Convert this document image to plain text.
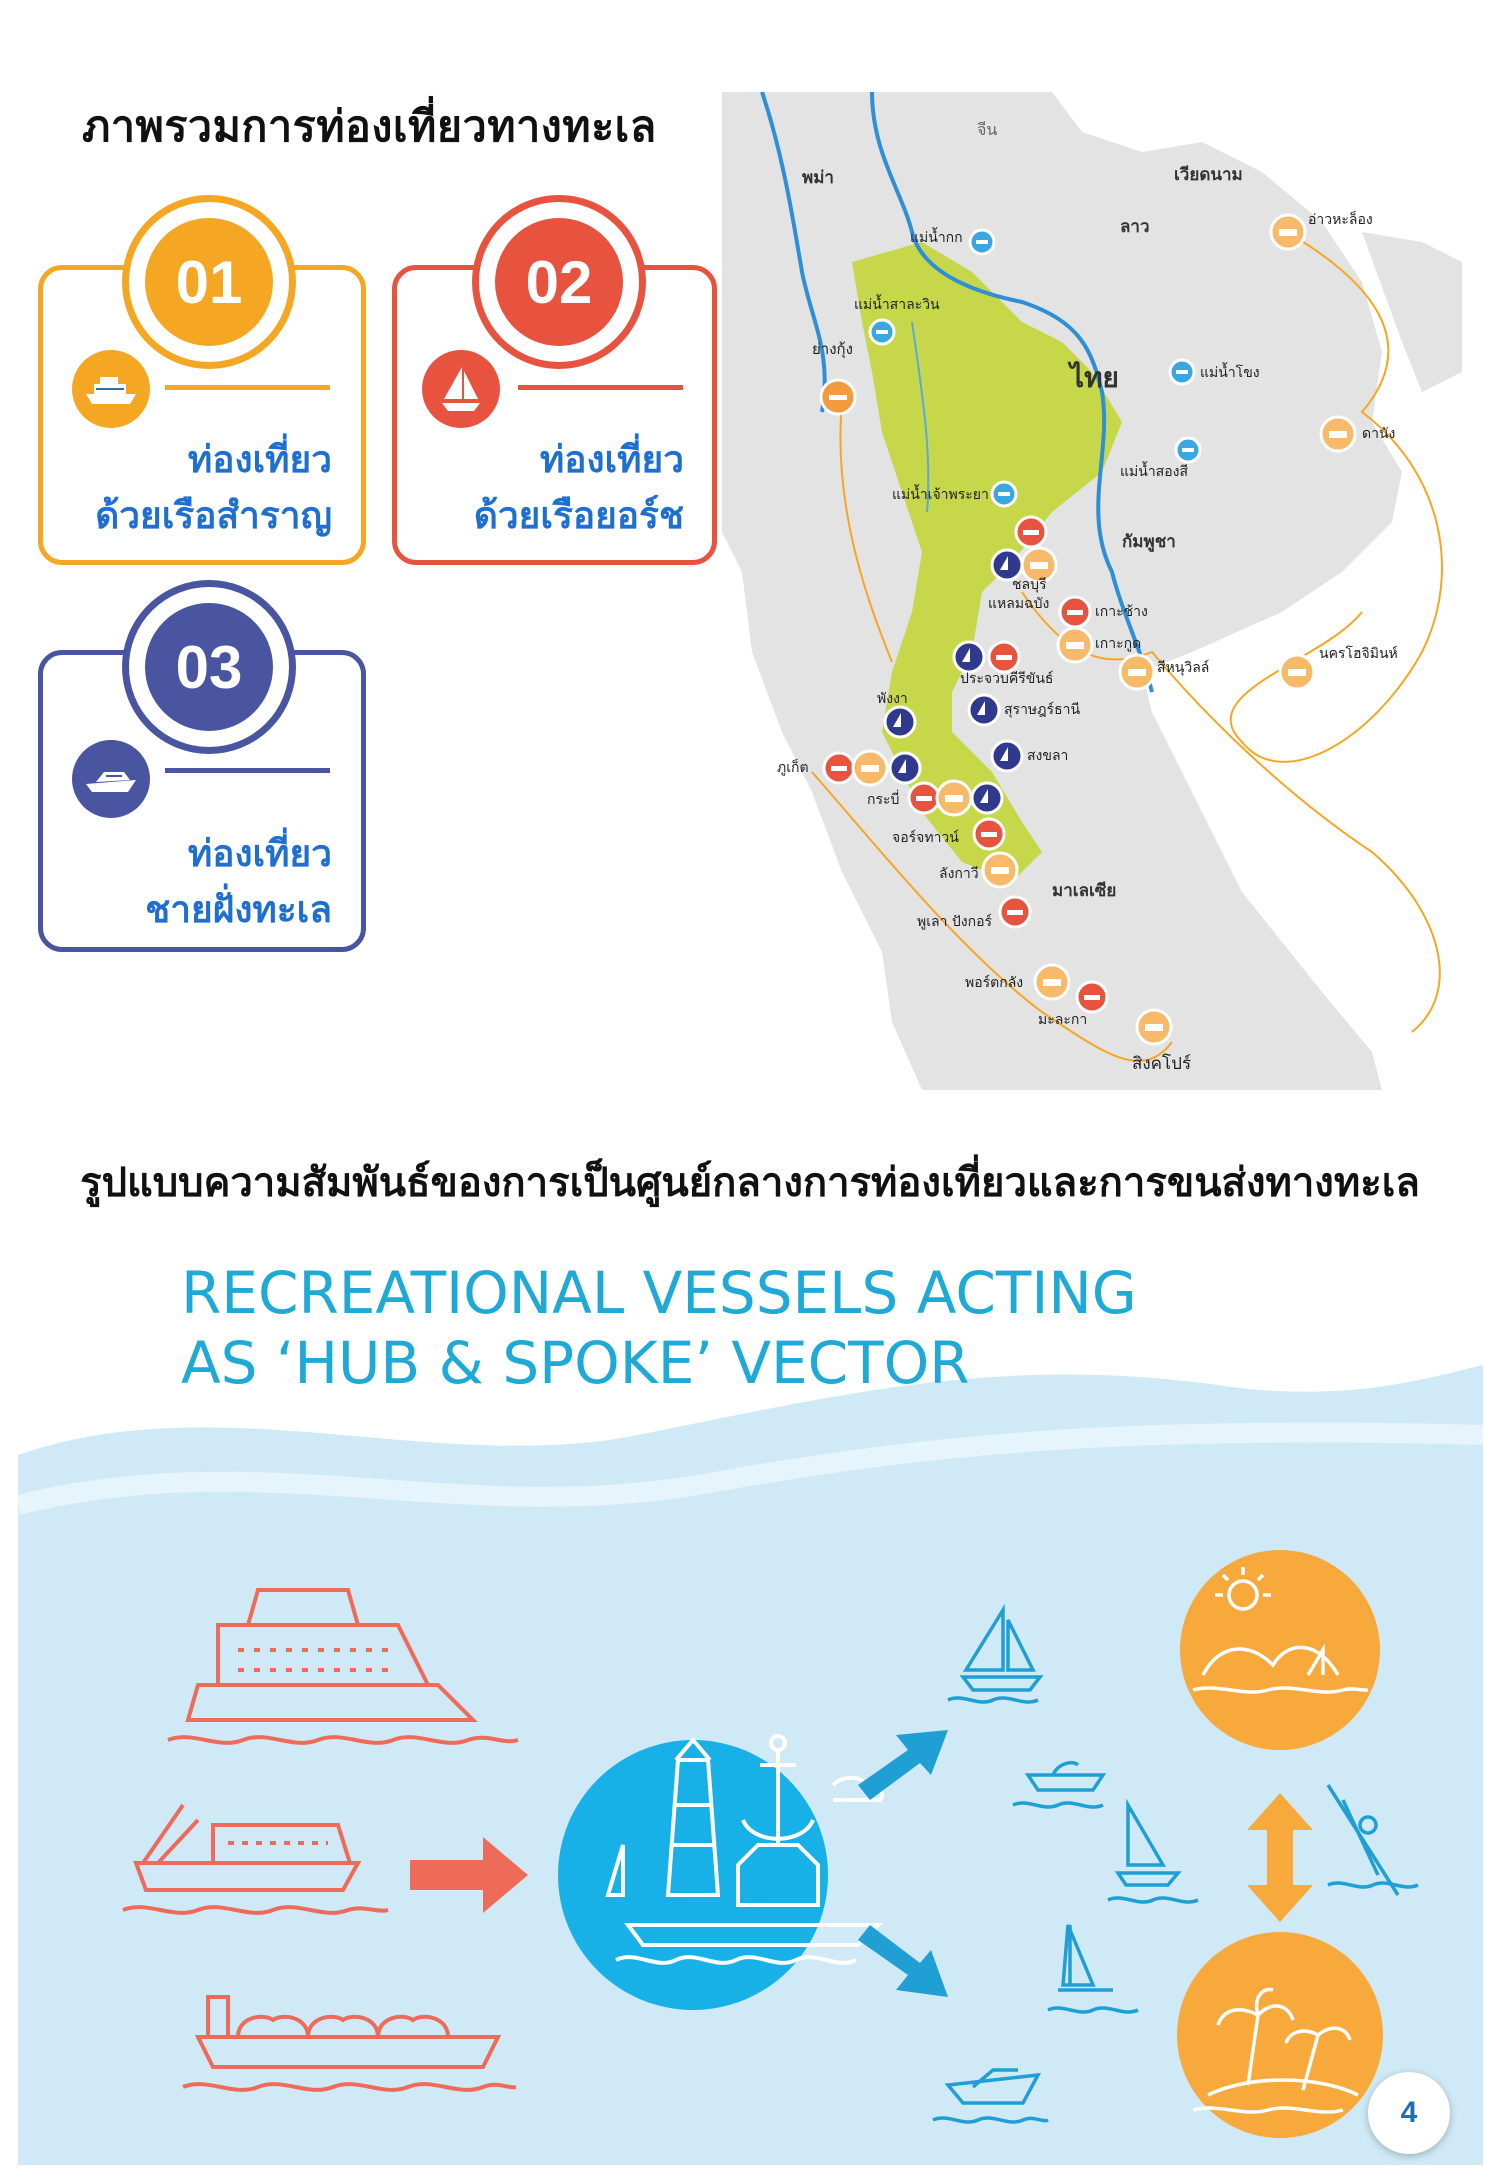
ภาพรวมการท่องเที่ยวทางทะเล
01
ท่องเที่ยว
ด้วยเรือสำราญ
02
ท่องเที่ยว
ด้วยเรือยอร์ช
03
ท่องเที่ยว
ชายฝั่งทะเล
พม่า
จีน
เวียดนาม
ลาว
ไทย
กัมพูชา
มาเลเซีย
แม่น้ำกก
แม่น้ำสาละวิน
แม่น้ำโขง
แม่น้ำสองสี
แม่น้ำเจ้าพระยา
ย่างกุ้ง
อ่าวหะล็อง
ดานัง
ชลบุรี
แหลมฉบัง	เกาะช้าง
เกาะกูด
สีหนุวิลล์
นครโฮจิมินห์
ประจวบคีรีขันธ์
พังงา
สุราษฎร์ธานี
สงขลา
ภูเก็ต
กระบี่
จอร์จทาวน์
ลังกาวี
พูเลา ปังกอร์
พอร์ตกลัง
มะละกา
สิงคโปร์
รูปแบบความสัมพันธ์ของการเป็นศูนย์กลางการท่องเที่ยวและการขนส่งทางทะเล
RECREATIONAL VESSELS ACTING
AS ‘HUB & SPOKE’ VECTOR
4
